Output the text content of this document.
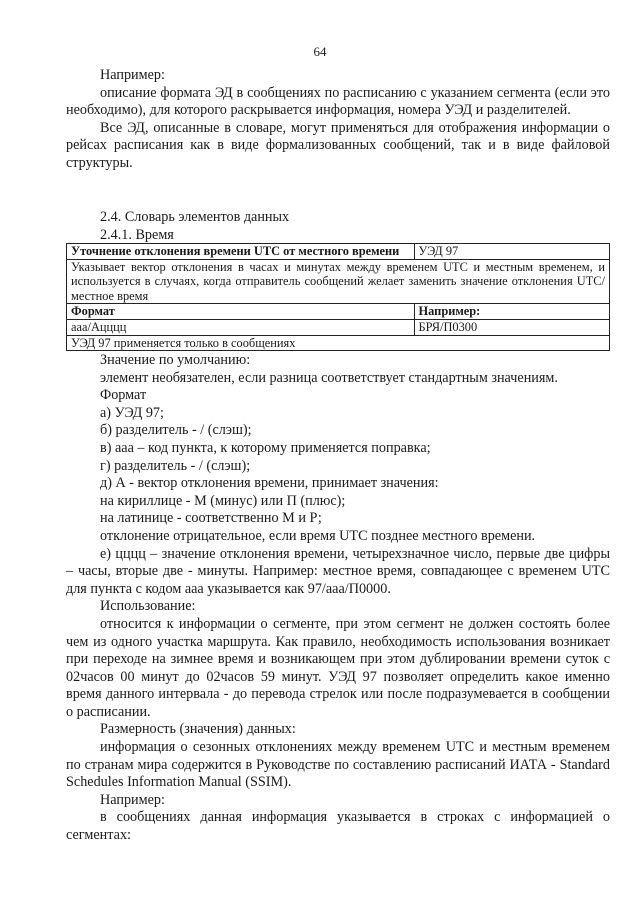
64
Например:
описание формата ЭД в сообщениях по расписанию с указанием сегмента (если это необходимо), для которого раскрывается информация, номера УЭД и разделителей.
Все ЭД, описанные в словаре, могут применяться для отображения информации о рейсах расписания как в виде формализованных сообщений, так и в виде файловой структуры.
2.4. Словарь элементов данных
2.4.1. Время
Уточнение отклонения времени UTC от местного времени	УЭД 97
Указывает вектор отклонения в часах и минутах между временем UTC и местным временем, и используется в случаях, когда отправитель сообщений желает заменить значение отклонения UTC/местное время	
Формат	Например:
aaa/Ацццц	БРЯ/П0300
УЭД 97 применяется только в сообщениях	
Значение по умолчанию:
элемент необязателен, если разница соответствует стандартным значениям.
Формат
а) УЭД 97;
б) разделитель - / (слэш);
в) aaa – код пункта, к которому применяется поправка;
г) разделитель - / (слэш);
д) А - вектор отклонения времени, принимает значения:
на кириллице - М (минус) или П (плюс);
на латинице - соответственно М и Р;
отклонение отрицательное, если время UTC позднее местного времени.
е) цццц – значение отклонения времени, четырехзначное число, первые две цифры – часы, вторые две - минуты. Например: местное время, совпадающее с временем UTC для пункта с кодом ааа указывается как 97/ааа/П0000.
Использование:
относится к информации о сегменте, при этом сегмент не должен состоять более чем из одного участка маршрута. Как правило, необходимость использования возникает при переходе на зимнее время и возникающем при этом дублировании времени суток с 02часов 00 минут до 02часов 59 минут. УЭД 97 позволяет определить какое именно время данного интервала - до перевода стрелок или после подразумевается в сообщении о расписании.
Размерность (значения) данных:
информация о сезонных отклонениях между временем UTC и местным временем по странам мира содержится в Руководстве по составлению расписаний ИАТА - Standard Schedules Information Manual (SSIM).
Например:
в сообщениях данная информация указывается в строках с информацией о сегментах:
